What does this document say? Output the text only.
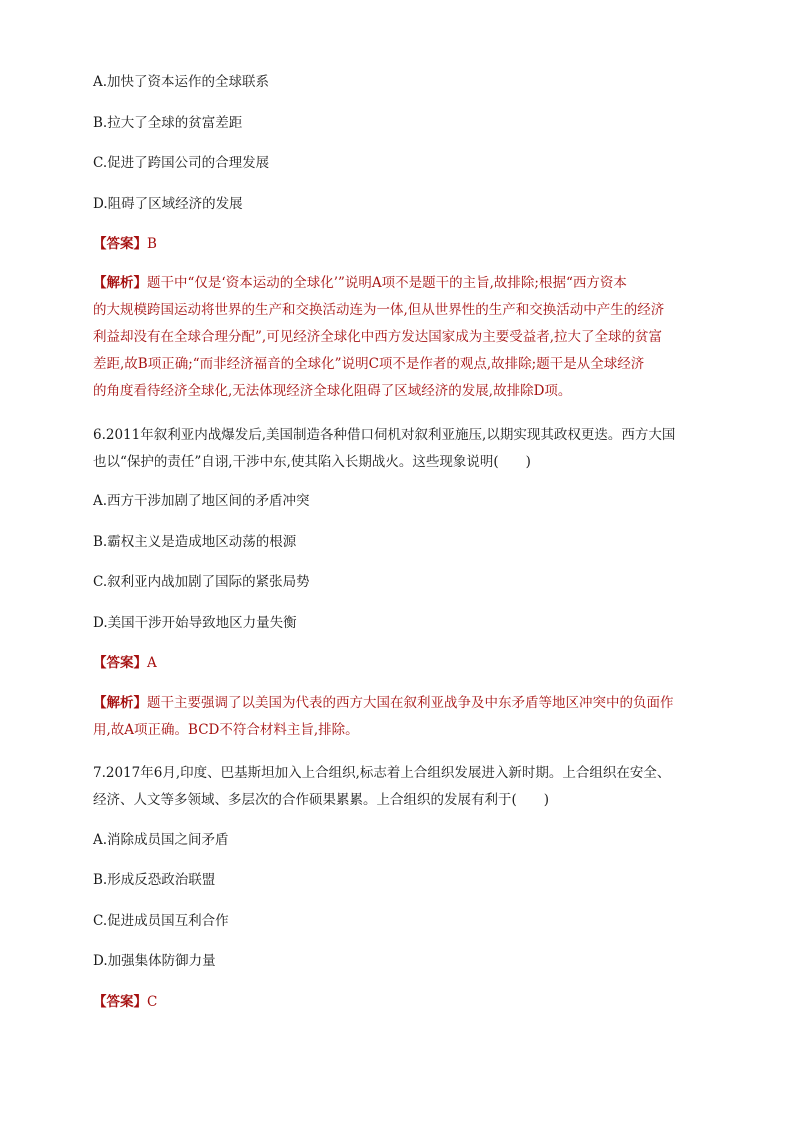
A.加快了资本运作的全球联系
B.拉大了全球的贫富差距
C.促进了跨国公司的合理发展
D.阻碍了区域经济的发展
【答案】B
【解析】题干中“仅是‘资本运动的全球化’”说明A项不是题干的主旨,故排除;根据“西方资本
的大规模跨国运动将世界的生产和交换活动连为一体,但从世界性的生产和交换活动中产生的经济
利益却没有在全球合理分配”,可见经济全球化中西方发达国家成为主要受益者,拉大了全球的贫富
差距,故B项正确;“而非经济福音的全球化”说明C项不是作者的观点,故排除;题干是从全球经济
的角度看待经济全球化,无法体现经济全球化阻碍了区域经济的发展,故排除D项。
6.2011年叙利亚内战爆发后,美国制造各种借口伺机对叙利亚施压,以期实现其政权更迭。西方大国
也以“保护的责任”自诩,干涉中东,使其陷入长期战火。这些现象说明(　　)
A.西方干涉加剧了地区间的矛盾冲突
B.霸权主义是造成地区动荡的根源
C.叙利亚内战加剧了国际的紧张局势
D.美国干涉开始导致地区力量失衡
【答案】A
【解析】题干主要强调了以美国为代表的西方大国在叙利亚战争及中东矛盾等地区冲突中的负面作
用,故A项正确。BCD不符合材料主旨,排除。
7.2017年6月,印度、巴基斯坦加入上合组织,标志着上合组织发展进入新时期。上合组织在安全、
经济、人文等多领域、多层次的合作硕果累累。上合组织的发展有利于(　　)
A.消除成员国之间矛盾
B.形成反恐政治联盟
C.促进成员国互利合作
D.加强集体防御力量
【答案】C
